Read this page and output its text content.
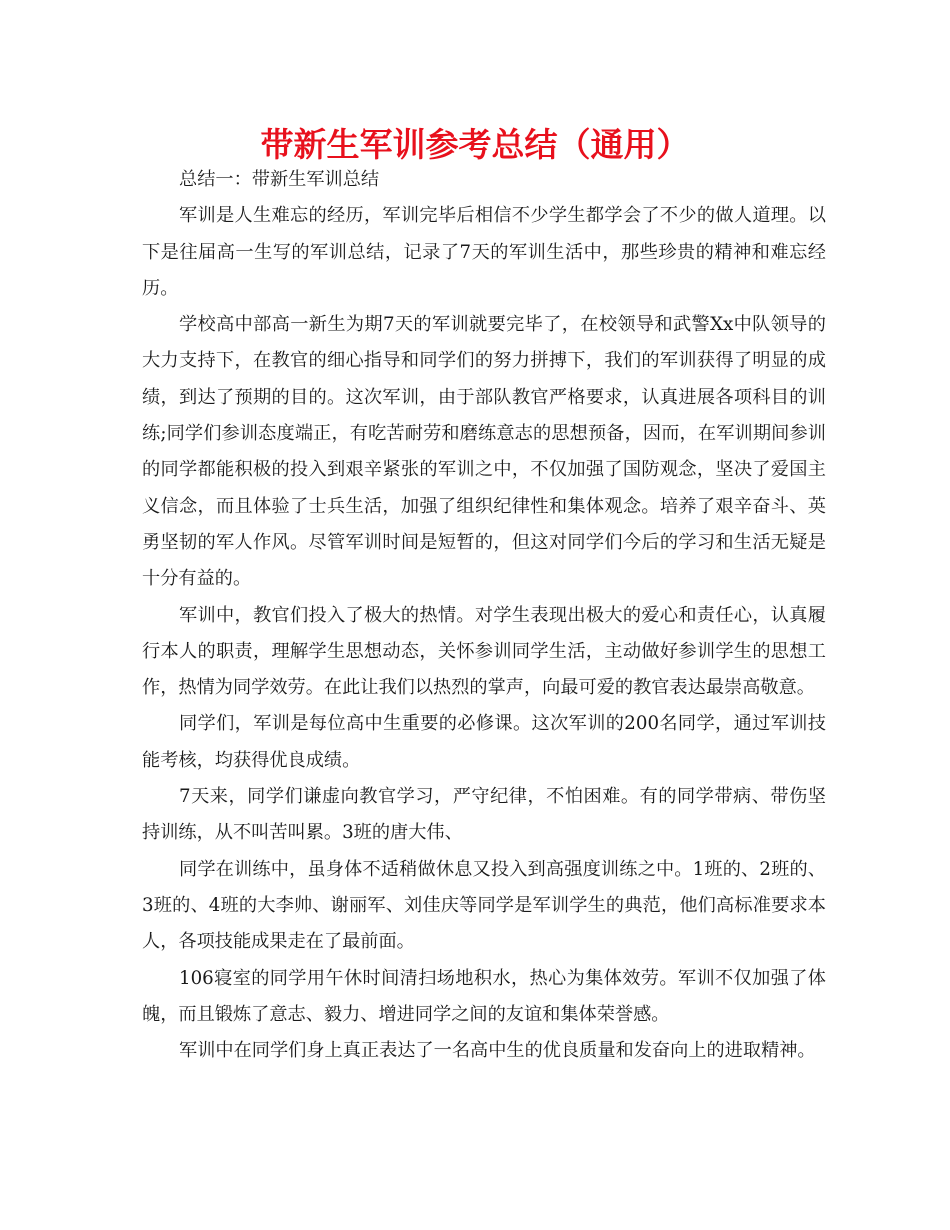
带新生军训参考总结（通用）

总结一：带新生军训总结

军训是人生难忘的经历，军训完毕后相信不少学生都学会了不少的做人道理。以下是往届高一生写的军训总结，记录了7天的军训生活中，那些珍贵的精神和难忘经历。

学校高中部高一新生为期7天的军训就要完毕了，在校领导和武警Xx中队领导的大力支持下，在教官的细心指导和同学们的努力拼搏下，我们的军训获得了明显的成绩，到达了预期的目的。这次军训，由于部队教官严格要求，认真进展各项科目的训练;同学们参训态度端正，有吃苦耐劳和磨练意志的思想预备，因而，在军训期间参训的同学都能积极的投入到艰辛紧张的军训之中，不仅加强了国防观念，坚决了爱国主义信念，而且体验了士兵生活，加强了组织纪律性和集体观念。培养了艰辛奋斗、英勇坚韧的军人作风。尽管军训时间是短暂的，但这对同学们今后的学习和生活无疑是十分有益的。

军训中，教官们投入了极大的热情。对学生表现出极大的爱心和责任心，认真履行本人的职责，理解学生思想动态，关怀参训同学生活，主动做好参训学生的思想工作，热情为同学效劳。在此让我们以热烈的掌声，向最可爱的教官表达最崇高敬意。

同学们，军训是每位高中生重要的必修课。这次军训的200名同学，通过军训技能考核，均获得优良成绩。

7天来，同学们谦虚向教官学习，严守纪律，不怕困难。有的同学带病、带伤坚持训练，从不叫苦叫累。3班的唐大伟、

同学在训练中，虽身体不适稍做休息又投入到高强度训练之中。1班的、2班的、3班的、4班的大李帅、谢丽军、刘佳庆等同学是军训学生的典范，他们高标准要求本人，各项技能成果走在了最前面。

106寝室的同学用午休时间清扫场地积水，热心为集体效劳。军训不仅加强了体魄，而且锻炼了意志、毅力、增进同学之间的友谊和集体荣誉感。

军训中在同学们身上真正表达了一名高中生的优良质量和发奋向上的进取精神。
